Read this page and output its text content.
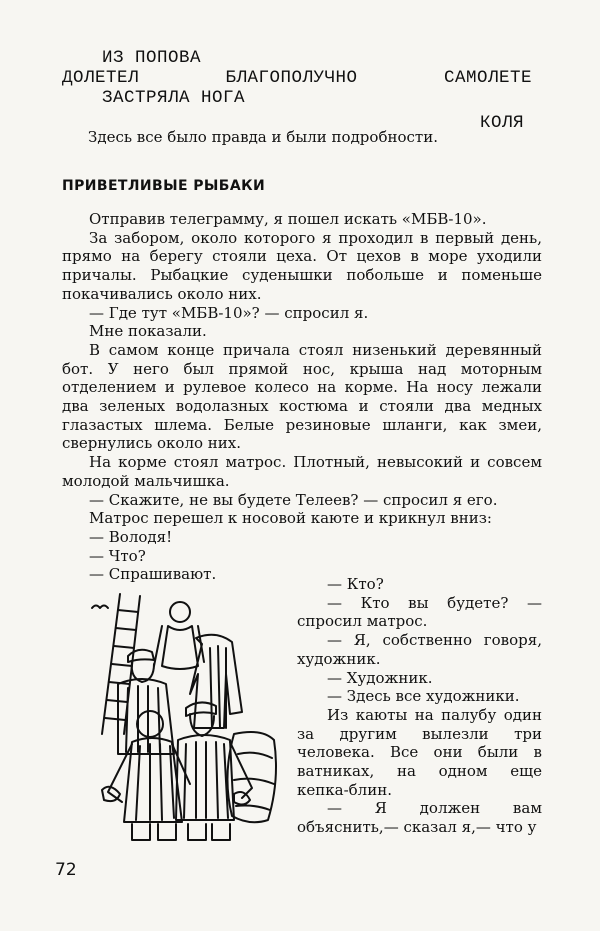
ИЗ ПОПОВА
ДОЛЕТЕЛ	БЛАГОПОЛУЧНО	САМОЛЕТЕ
ЗАСТРЯЛА НОГА
КОЛЯ
Здесь все было правда и были подробности.
ПРИВЕТЛИВЫЕ РЫБАКИ

Отправив телеграмму, я пошел искать «МБВ-10».

За забором, около которого я проходил в первый день, прямо на берегу стояли цеха. От цехов в море уходили причалы. Рыбацкие суденышки побольше и поменьше покачивались около них.

— Где тут «МБВ-10»? — спросил я.

Мне показали.

В самом конце причала стоял низенький деревянный бот. У него был прямой нос, крыша над моторным отделением и рулевое колесо на корме. На носу лежали два зеленых водолазных костюма и стояли два медных глазастых шлема. Белые резиновые шланги, как змеи, свернулись около них.

На корме стоял матрос. Плотный, невысокий и совсем молодой мальчишка.

— Скажите, не вы будете Телеев? — спросил я его.

Матрос перешел к носовой каюте и крикнул вниз:

— Володя!

— Что?

— Спрашивают.

— Кто?

— Кто вы будете? — спросил матрос.

— Я, собственно говоря, художник.

— Художник.

— Здесь все художники.

Из каюты на палубу один за другим вылезли три человека. Все они были в ватниках, на одном еще кепка-блин.

— Я должен вам объяснить,— сказал я,— что у

72
